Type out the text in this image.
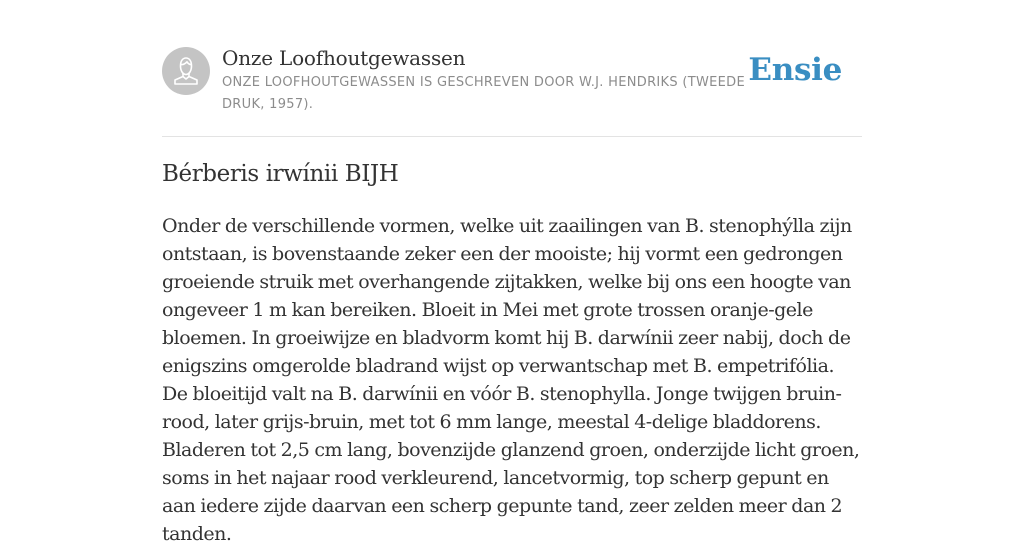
Onze Loofhoutgewassen

ONZE LOOFHOUTGEWASSEN IS GESCHREVEN DOOR W.J. HENDRIKS (TWEEDE DRUK, 1957).

Ensie
Bérberis irwínii BIJH

Onder de verschillende vormen, welke uit zaailingen van B. stenophýlla zijn ontstaan, is bovenstaande zeker een der mooiste; hij vormt een gedrongen groeiende struik met overhangende zijtakken, welke bij ons een hoogte van ongeveer 1 m kan bereiken. Bloeit in Mei met grote trossen oranje-gele bloemen. In groeiwijze en bladvorm komt hij B. darwínii zeer nabij, doch de enigszins omgerolde bladrand wijst op verwantschap met B. empetrifólia. De bloeitijd valt na B. darwínii en vóór B. stenophylla. Jonge twijgen bruin-rood, later grijs-bruin, met tot 6 mm lange, meestal 4-delige bladdorens. Bladeren tot 2,5 cm lang, bovenzijde glanzend groen, onderzijde licht groen, soms in het najaar rood verkleurend, lancetvormig, top scherp gepunt en aan iedere zijde daarvan een scherp gepunte tand, zeer zelden meer dan 2 tanden.
